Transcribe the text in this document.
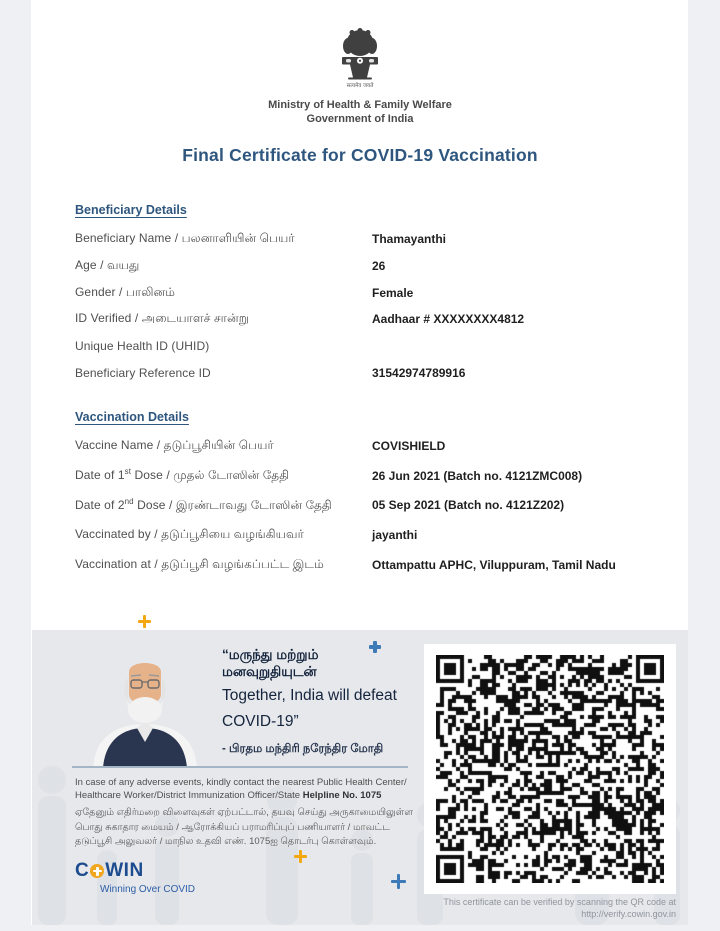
सत्यमेव जयते
Ministry of Health & Family Welfare
Government of India
Final Certificate for COVID-19 Vaccination
Beneficiary Details
Beneficiary Name / பலனாளியின் பெயர்	Thamayanthi
Age / வயது	26
Gender / பாலினம்	Female
ID Verified / அடையாளச் சான்று	Aadhaar # XXXXXXXX4812
Unique Health ID (UHID)
Beneficiary Reference ID	31542974789916
Vaccination Details
Vaccine Name / தடுப்பூசியின் பெயர்	COVISHIELD
Date of 1st Dose / முதல் டோஸின் தேதி	26 Jun 2021 (Batch no. 4121ZMC008)
Date of 2nd Dose / இரண்டாவது டோஸின் தேதி	05 Sep 2021 (Batch no. 4121Z202)
Vaccinated by / தடுப்பூசியை வழங்கியவர்	jayanthi
Vaccination at / தடுப்பூசி வழங்கப்பட்ட இடம்	Ottampattu APHC, Viluppuram, Tamil Nadu
“மருந்து மற்றும்
மனவுறுதியுடன்
Together, India will defeat
COVID-19”
- பிரதம மந்திரி நரேந்திர மோதி

In case of any adverse events, kindly contact the nearest Public Health Center/ Healthcare Worker/District Immunization Officer/State Helpline No. 1075

ஏதேனும் எதிர்மறை விளைவுகள் ஏற்பட்டால், தயவு செய்து அருகாமையிலுள்ள பொது சுகாதார மையம் / ஆரோக்கியப் பராமரிப்புப் பணியாளர் / மாவட்ட தடுப்பூசி அலுவலர் / மாநில உதவி எண். 1075ஐ தொடர்பு கொள்ளவும்.

C WIN
Winning Over COVID
This certificate can be verified by scanning the QR code at
http://verify.cowin.gov.in
